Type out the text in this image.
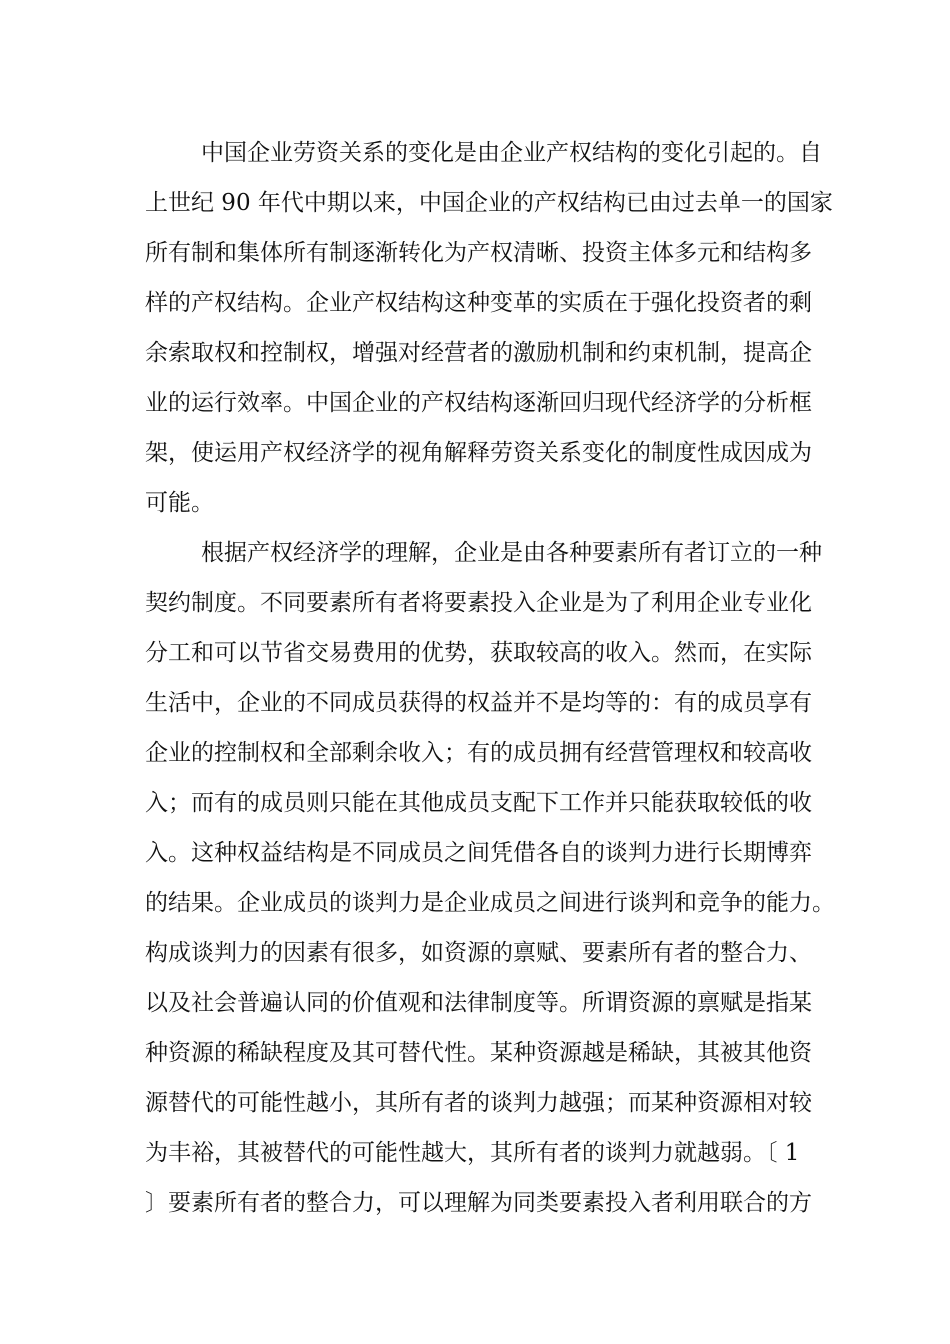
中国企业劳资关系的变化是由企业产权结构的变化引起的。自
上世纪 90 年代中期以来，中国企业的产权结构已由过去单一的国家
所有制和集体所有制逐渐转化为产权清晰、投资主体多元和结构多
样的产权结构。企业产权结构这种变革的实质在于强化投资者的剩
余索取权和控制权，增强对经营者的激励机制和约束机制，提高企
业的运行效率。中国企业的产权结构逐渐回归现代经济学的分析框
架，使运用产权经济学的视角解释劳资关系变化的制度性成因成为
可能。
根据产权经济学的理解，企业是由各种要素所有者订立的一种
契约制度。不同要素所有者将要素投入企业是为了利用企业专业化
分工和可以节省交易费用的优势，获取较高的收入。然而，在实际
生活中，企业的不同成员获得的权益并不是均等的：有的成员享有
企业的控制权和全部剩余收入；有的成员拥有经营管理权和较高收
入；而有的成员则只能在其他成员支配下工作并只能获取较低的收
入。这种权益结构是不同成员之间凭借各自的谈判力进行长期博弈
的结果。企业成员的谈判力是企业成员之间进行谈判和竞争的能力。
构成谈判力的因素有很多，如资源的禀赋、要素所有者的整合力、
以及社会普遍认同的价值观和法律制度等。所谓资源的禀赋是指某
种资源的稀缺程度及其可替代性。某种资源越是稀缺，其被其他资
源替代的可能性越小，其所有者的谈判力越强；而某种资源相对较
为丰裕，其被替代的可能性越大，其所有者的谈判力就越弱。〔 1
〕要素所有者的整合力，可以理解为同类要素投入者利用联合的方
